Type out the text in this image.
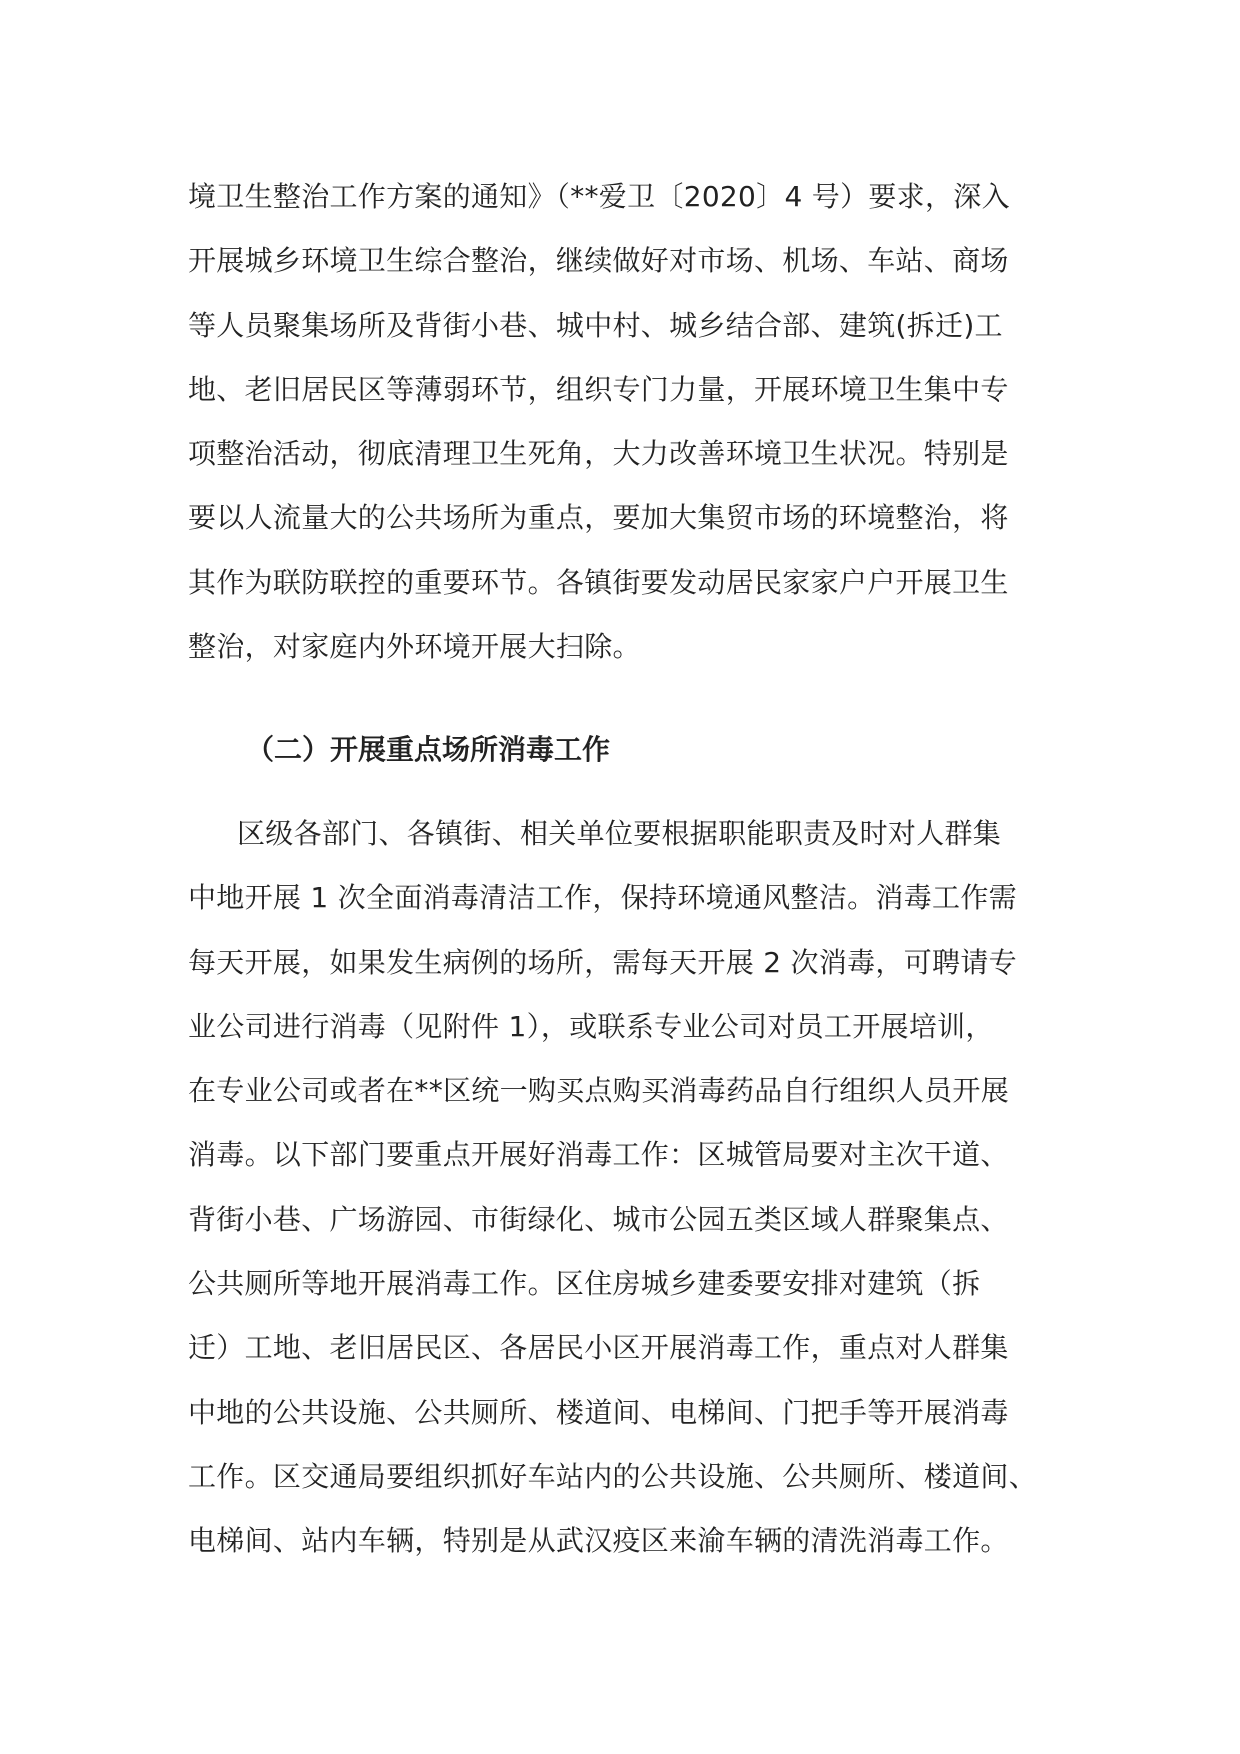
境卫生整治工作方案的通知》（**爱卫〔2020〕4 号）要求，深入
开展城乡环境卫生综合整治，继续做好对市场、机场、车站、商场
等人员聚集场所及背街小巷、城中村、城乡结合部、建筑(拆迁)工
地、老旧居民区等薄弱环节，组织专门力量，开展环境卫生集中专
项整治活动，彻底清理卫生死角，大力改善环境卫生状况。特别是
要以人流量大的公共场所为重点，要加大集贸市场的环境整治，将
其作为联防联控的重要环节。各镇街要发动居民家家户户开展卫生
整治，对家庭内外环境开展大扫除。
（二）开展重点场所消毒工作
区级各部门、各镇街、相关单位要根据职能职责及时对人群集
中地开展 1 次全面消毒清洁工作，保持环境通风整洁。消毒工作需
每天开展，如果发生病例的场所，需每天开展 2 次消毒，可聘请专
业公司进行消毒（见附件 1），或联系专业公司对员工开展培训，
在专业公司或者在**区统一购买点购买消毒药品自行组织人员开展
消毒。以下部门要重点开展好消毒工作：区城管局要对主次干道、
背街小巷、广场游园、市街绿化、城市公园五类区域人群聚集点、
公共厕所等地开展消毒工作。区住房城乡建委要安排对建筑（拆
迁）工地、老旧居民区、各居民小区开展消毒工作，重点对人群集
中地的公共设施、公共厕所、楼道间、电梯间、门把手等开展消毒
工作。区交通局要组织抓好车站内的公共设施、公共厕所、楼道间、
电梯间、站内车辆，特别是从武汉疫区来渝车辆的清洗消毒工作。
